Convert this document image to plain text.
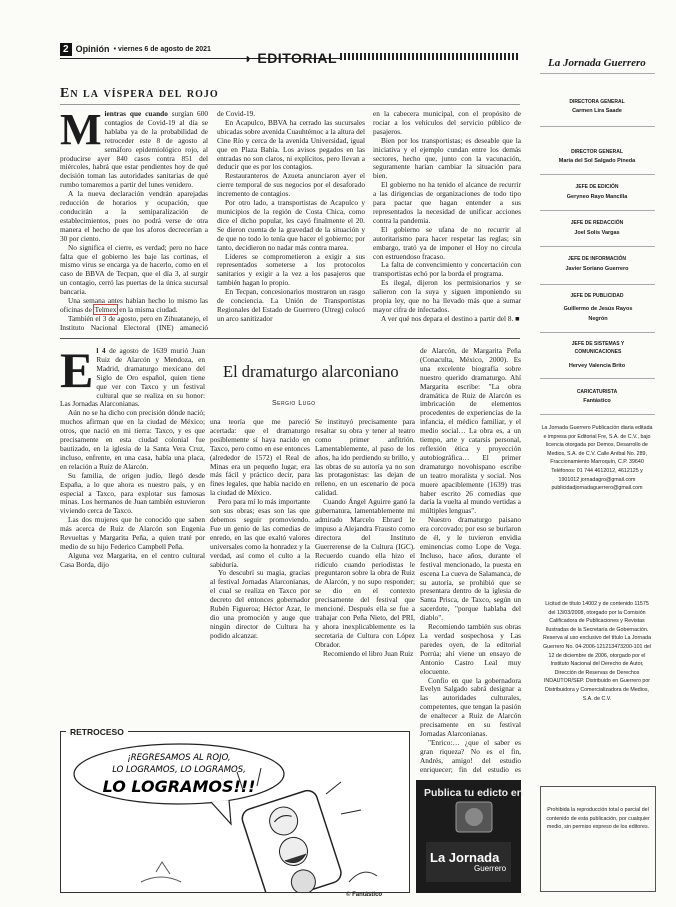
2 Opinión • viernes 6 de agosto de 2021
◗ EDITORIAL
En la víspera del rojo

Mientras que cuando surgían 600 contagios de Covid-19 al día se hablaba ya de la probabilidad de retroceder este 8 de agosto al semáforo epidemiológico rojo, al producirse ayer 840 casos contra 851 del miércoles, habrá que estar pendientes hoy de qué decisión toman las autoridades sanitarias de qué rumbo tomaremos a partir del lunes venidero.

A la nueva declaración vendrán aparejadas reducción de horarios y ocupación, que conducirán a la semiparalización de establecimientos, pues no podrá verse de otra manera el hecho de que los aforos decrecerían a 30 por ciento.

No significa el cierre, es verdad; pero no hace falta que el gobierno les baje las cortinas, el mismo virus se encarga ya de hacerlo, como en el caso de BBVA de Tecpan, que el día 3, al surgir un contagio, cerró las puertas de la única sucursal bancaria.

Una semana antes habían hecho lo mismo las oficinas de Telmex en la misma ciudad.

También el 3 de agosto, pero en Zihuatanejo, el Instituto Nacional Electoral (INE) amaneció

de Covid-19.

En Acapulco, BBVA ha cerrado las sucursales ubicadas sobre avenida Cuauhtémoc a la altura del Cine Río y cerca de la avenida Universidad, igual que en Plaza Bahía. Los avisos pegados en las entradas no son claros, ni explícitos, pero llevan a deducir que es por los contagios.

Restauranteros de Azueta anunciaron ayer el cierre temporal de sus negocios por el desaforado incremento de contagios.

Por otro lado, a transportistas de Acapulco y municipios de la región de Costa Chica, como dice el dicho popular, les cayó finalmente el 20. Se dieron cuenta de la gravedad de la situación y de que no todo lo tenía que hacer el gobierno; por tanto, decidieron no nadar más contra marea.

Líderes se comprometieron a exigir a sus representados someterse a los protocolos sanitarios y exigir a la vez a los pasajeros que también hagan lo propio.

En Tecpan, concesionarios mostraron un rasgo de conciencia. La Unión de Transportistas Regionales del Estado de Guerrero (Utreg) colocó un arco sanitizador

en la cabecera municipal, con el propósito de rociar a los vehículos del servicio público de pasajeros.

Bien por los transportistas; es deseable que la iniciativa y el ejemplo cundan entre los demás sectores, hecho que, junto con la vacunación, seguramente harían cambiar la situación para bien.

El gobierno no ha tenido el alcance de recurrir a las dirigencias de organizaciones de todo tipo para pactar que hagan entender a sus representados la necesidad de unificar acciones contra la pandemia.

El gobierno se ufana de no recurrir al autoritarismo para hacer respetar las reglas; sin embargo, trató ya de imponer el Hoy no circula con estruendoso fracaso.

La falta de convencimiento y concertación con transportistas echó por la borda el programa.

Es ilegal, dijeron los permisionarios y se salieron con la suya y siguen imponiendo su propia ley, que no ha llevado más que a sumar mayor cifra de infectados.

A ver qué nos depara el destino a partir del 8. ■

El dramaturgo alarconiano
Sergio Lugo

El 4 de agosto de 1639 murió Juan Ruiz de Alarcón y Mendoza, en Madrid, dramaturgo mexicano del Siglo de Oro español, quien tiene que ver con Taxco y un festival cultural que se realiza en su honor: Las Jornadas Alarconianas.

Aún no se ha dicho con precisión dónde nació; muchos afirman que en la ciudad de México; otros, que nació en mi tierra: Taxco, y es que precisamente en esta ciudad colonial fue bautizado, en la iglesia de la Santa Vera Cruz, incluso, enfrente, en una casa, había una placa, en relación a Ruiz de Alarcón.

Su familia, de origen judío, llegó desde España, a lo que ahora es nuestro país, y en especial a Taxco, para explotar sus famosas minas. Los hermanos de Juan también estuvieron viviendo cerca de Taxco.

Las dos mujeres que he conocido que saben más acerca de Ruiz de Alarcón son Eugenia Revueltas y Margarita Peña, a quien traté por medio de su hijo Federico Campbell Peña.

Alguna vez Margarita, en el centro cultural Casa Borda, dijo

una teoría que me pareció acertada: que el dramaturgo posiblemente sí haya nacido en Taxco, pero como en ese entonces (alrededor de 1572) el Real de Minas era un pequeño lugar, era más fácil y práctico decir, para fines legales, que había nacido en la ciudad de México.

Pero para mí lo más importante son sus obras; esas son las que debemos seguir promoviendo. Fue un genio de las comedias de enredo, en las que exaltó valores universales como la honradez y la verdad, así como el culto a la sabiduría.

Yo descubrí su magia, gracias al festival Jornadas Alarconianas, el cual se realiza en Taxco por decreto del entonces gobernador Rubén Figueroa; Héctor Azar, le dio una promoción y auge que ningún director de Cultura ha podido alcanzar.

Se instituyó precisamente para resaltar su obra y tener al teatro como primer anfitrión. Lamentablemente, al paso de los años, ha ido perdiendo su brillo, y las obras de su autoría ya no son las protagonistas: las dejan de relleno, en un escenario de poca calidad.

Cuando Ángel Aguirre ganó la gubernatura, lamentablemente mi admirado Marcelo Ebrard le impuso a Alejandra Frausto como directora del Instituto Guerrerense de la Cultura (IGC). Recuerdo cuando ella hizo el ridículo cuando periodistas le preguntaron sobre la obra de Ruiz de Alarcón, y no supo responder; se dio en el contexto precisamente del festival que mencioné. Después ella se fue a trabajar con Peña Nieto, del PRI, y ahora inexplicablemente es la secretaria de Cultura con López Obrador.

Recomiendo el libro Juan Ruiz

de Alarcón, de Margarita Peña (Conaculta, México, 2000). Es una excelente biografía sobre nuestro querido dramaturgo. Ahí Margarita escribe: "La obra dramática de Ruiz de Alarcón es imbricación de elementos procedentes de experiencias de la infancia, el médico familiar, y el medio social… La obra es, a un tiempo, arte y catarsis personal, reflexión ética y proyección autobiográfica… El primer dramaturgo novohispano escribe un teatro moralista y social. Nos muere apaciblemente (1639) tras haber escrito 26 comedias que daría la vuelta al mundo vertidas a múltiples lenguas".

Nuestro dramaturgo paisano era corcovado; por eso se burlaron de él, y le tuvieron envidia eminencias como Lope de Vega. Incluso, hace años, durante el festival mencionado, la puesta en escena La cueva de Salamanca, de su autoría, se prohibió que se presentara dentro de la iglesia de Santa Prisca, de Taxco, según un sacerdote, "porque hablaba del diablo".

Recomiendo también sus obras La verdad sospechosa y Las paredes oyen, de la editorial Porrúa; ahí viene un ensayo de Antonio Castro Leal muy elocuente.

Confío en que la gobernadora Evelyn Salgado sabrá designar a las autoridades culturales, competentes, que tengan la pasión de enaltecer a Ruiz de Alarcón precisamente en su festival Jornadas Alarconianas.

"Enrico:… ¿que el saber es gran riqueza? No es el fin, Andrés, amigo! del estudio enriquecer; fin del estudio es

¡REGRESAMOS AL ROJO,
LO LOGRAMOS, LO LOGRAMOS,
LO LOGRAMOS!!!
RETROCESO
© Fantástico
Publica tu edicto en
La Jornada
Guerrero
La Jornada Guerrero
DIRECTORA GENERAL
Carmen Lira Saade
DIRECTOR GENERAL
María del Sol Salgado Pineda
JEFE DE EDICIÓN
Geryneo Rayo Mancilla
JEFE DE REDACCIÓN
Joel Solís Vargas
JEFE DE INFORMACIÓN
Javier Soriano Guerrero
JEFE DE PUBLICIDAD
Guillermo de Jesús Rayos Negrón
JEFE DE SISTEMAS Y COMUNICACIONES
Hervey Valencia Brito
CARICATURISTA
Fantástico
La Jornada Guerrero Publicación diaria editada e impresa por Editorial Fre, S.A. de C.V., bajo licencia otorgada por Demos, Desarrollo de Medios, S.A. de C.V. Calle Aníbal No. 289, Fraccionamiento Marroquín, C.P. 39640 Teléfonos: 01 744 4612012, 4612125 y 1901012 jornadagro@gmail.com publicidadjornadaguerrero@gmail.com
Licitud de título 14002 y de contenido 11575 del 13/03/2008, otorgado por la Comisión Calificadora de Publicaciones y Revistas Ilustradas de la Secretaría de Gobernación. Reserva al uso exclusivo del título La Jornada Guerrero No. 04-2006-121213473200-101 del 12 de diciembre de 2006, otorgado por el Instituto Nacional del Derecho de Autor, Dirección de Reservas de Derechos INDAUTOR/SEP. Distribuido en Guerrero por Distribuidora y Comercializadora de Medios, S.A. de C.V.
Prohibida la reproducción total o parcial del contenido de esta publicación, por cualquier medio, sin permiso expreso de los editores.
